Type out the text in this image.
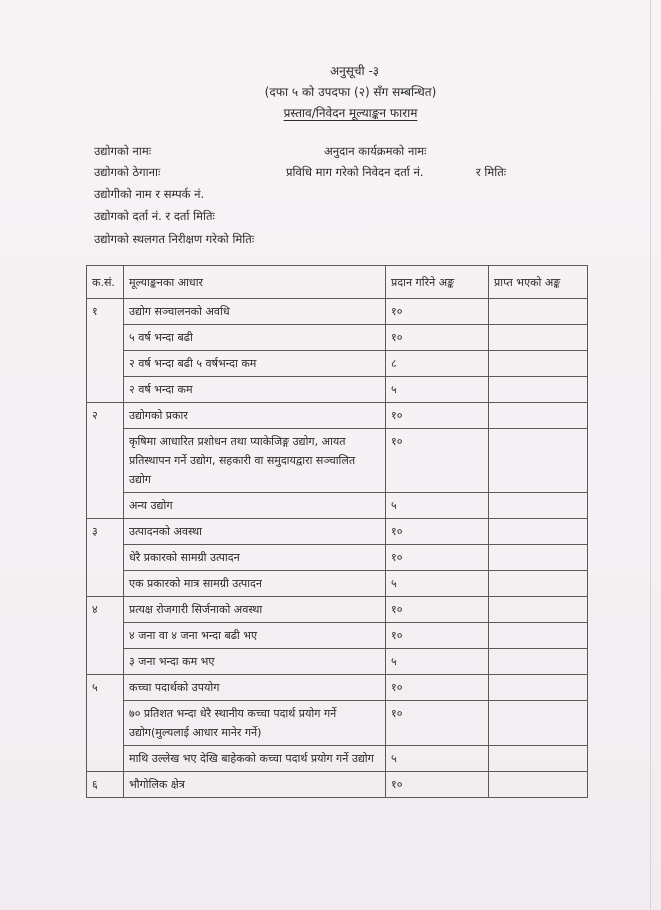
अनुसूची -३
(दफा ५ को उपदफा (२) सँग सम्बन्धित)
प्रस्ताव/निवेदन मूल्याङ्कन फाराम
उद्योगको नामः	अनुदान कार्यक्रमको नामः
उद्योगको ठेगानाः	प्रविधि माग गरेको निवेदन दर्ता नं.	र मितिः
उद्योगीको नाम र सम्पर्क नं.
उद्योगको दर्ता नं. र दर्ता मितिः
उद्योगको स्थलगत निरीक्षण गरेको मितिः
क.सं.	मूल्याङ्कनका आधार	प्रदान गरिने अङ्क	प्राप्त भएको अङ्क
१	उद्योग सञ्चालनको अवधि	१०	
	५ वर्ष भन्दा बढी	१०	
	२ वर्ष भन्दा बढी ५ वर्षभन्दा कम	८	
	२ वर्ष भन्दा कम	५	
२	उद्योगको प्रकार	१०	
	कृषिमा आधारित प्रशोधन तथा प्याकेजिङ्ग उद्योग, आयत प्रतिस्थापन गर्ने उद्योग, सहकारी वा समुदायद्वारा सञ्चालित उद्योग	१०	
	अन्य उद्योग	५	
३	उत्पादनको अवस्था	१०	
	धेरै प्रकारको सामग्री उत्पादन	१०	
	एक प्रकारको मात्र सामग्री उत्पादन	५	
४	प्रत्यक्ष रोजगारी सिर्जनाको अवस्था	१०	
	४ जना वा ४ जना भन्दा बढी भए	१०	
	३ जना भन्दा कम भए	५	
५	कच्चा पदार्थको उपयोग	१०	
	७० प्रतिशत भन्दा धेरै स्थानीय कच्चा पदार्थ प्रयोग गर्ने उद्योग(मुल्यलाई आधार मानेर गर्ने)	१०	
	माथि उल्लेख भए देखि बाहेकको कच्चा पदार्थ प्रयोग गर्ने उद्योग	५	
६	भौगोलिक क्षेत्र	१०	
